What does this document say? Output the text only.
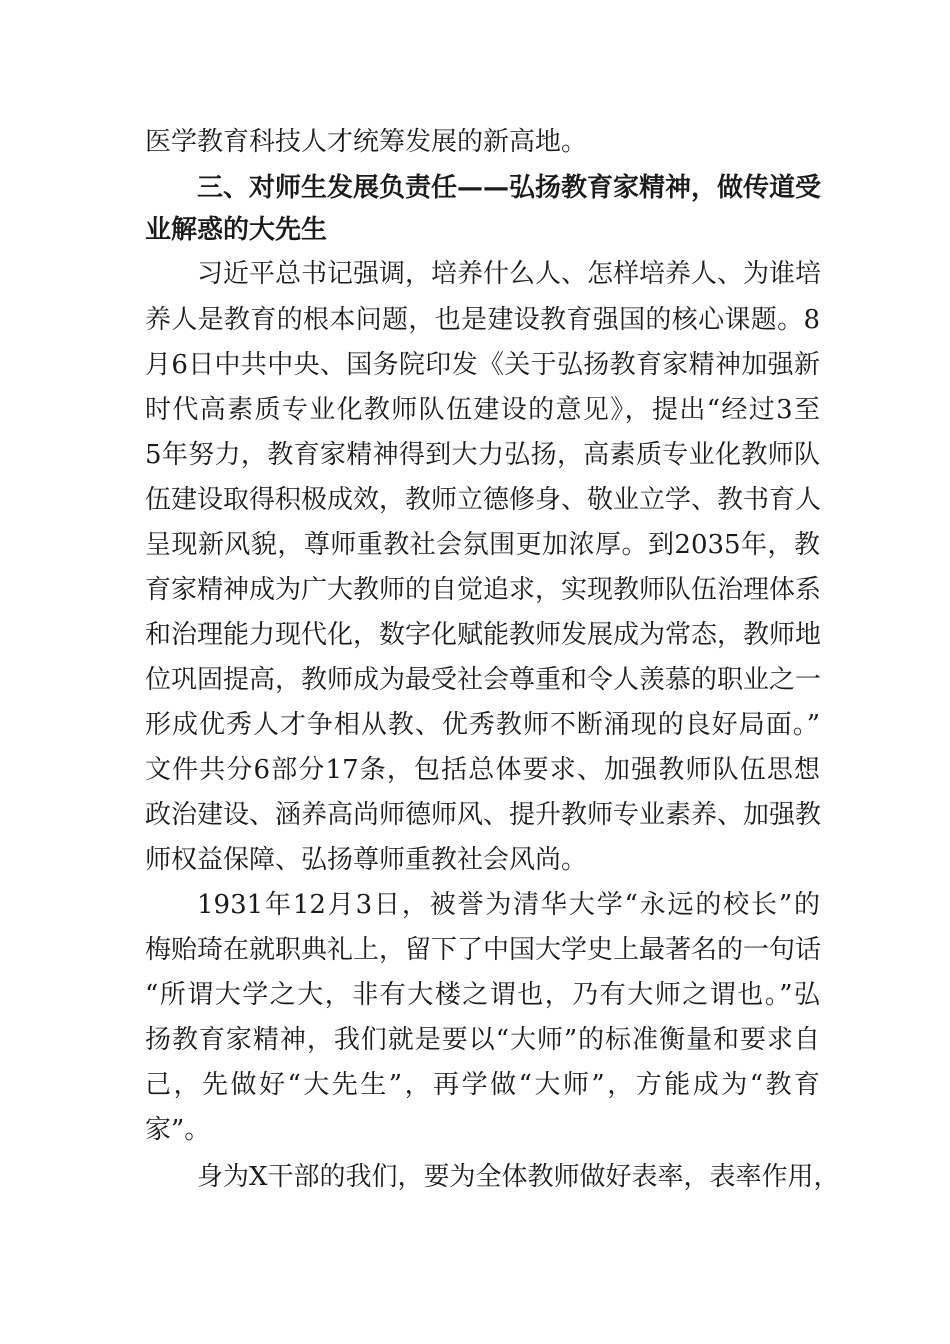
医学教育科技人才统筹发展的新高地。
三、对师生发展负责任——弘扬教育家精神，做传道受
业解惑的大先生
习近平总书记强调，培养什么人、怎样培养人、为谁培
养人是教育的根本问题，也是建设教育强国的核心课题。8
月6日中共中央、国务院印发《关于弘扬教育家精神加强新
时代高素质专业化教师队伍建设的意见》，提出“经过3至
5年努力，教育家精神得到大力弘扬，高素质专业化教师队
伍建设取得积极成效，教师立德修身、敬业立学、教书育人
呈现新风貌，尊师重教社会氛围更加浓厚。到2035年，教
育家精神成为广大教师的自觉追求，实现教师队伍治理体系
和治理能力现代化，数字化赋能教师发展成为常态，教师地
位巩固提高，教师成为最受社会尊重和令人羡慕的职业之一
形成优秀人才争相从教、优秀教师不断涌现的良好局面。”
文件共分6部分17条，包括总体要求、加强教师队伍思想
政治建设、涵养高尚师德师风、提升教师专业素养、加强教
师权益保障、弘扬尊师重教社会风尚。
1931年12月3日，被誉为清华大学“永远的校长”的
梅贻琦在就职典礼上，留下了中国大学史上最著名的一句话
“所谓大学之大，非有大楼之谓也，乃有大师之谓也。”弘
扬教育家精神，我们就是要以“大师”的标准衡量和要求自
己，先做好“大先生”，再学做“大师”，方能成为“教育
家”。
身为X干部的我们，要为全体教师做好表率，表率作用，
